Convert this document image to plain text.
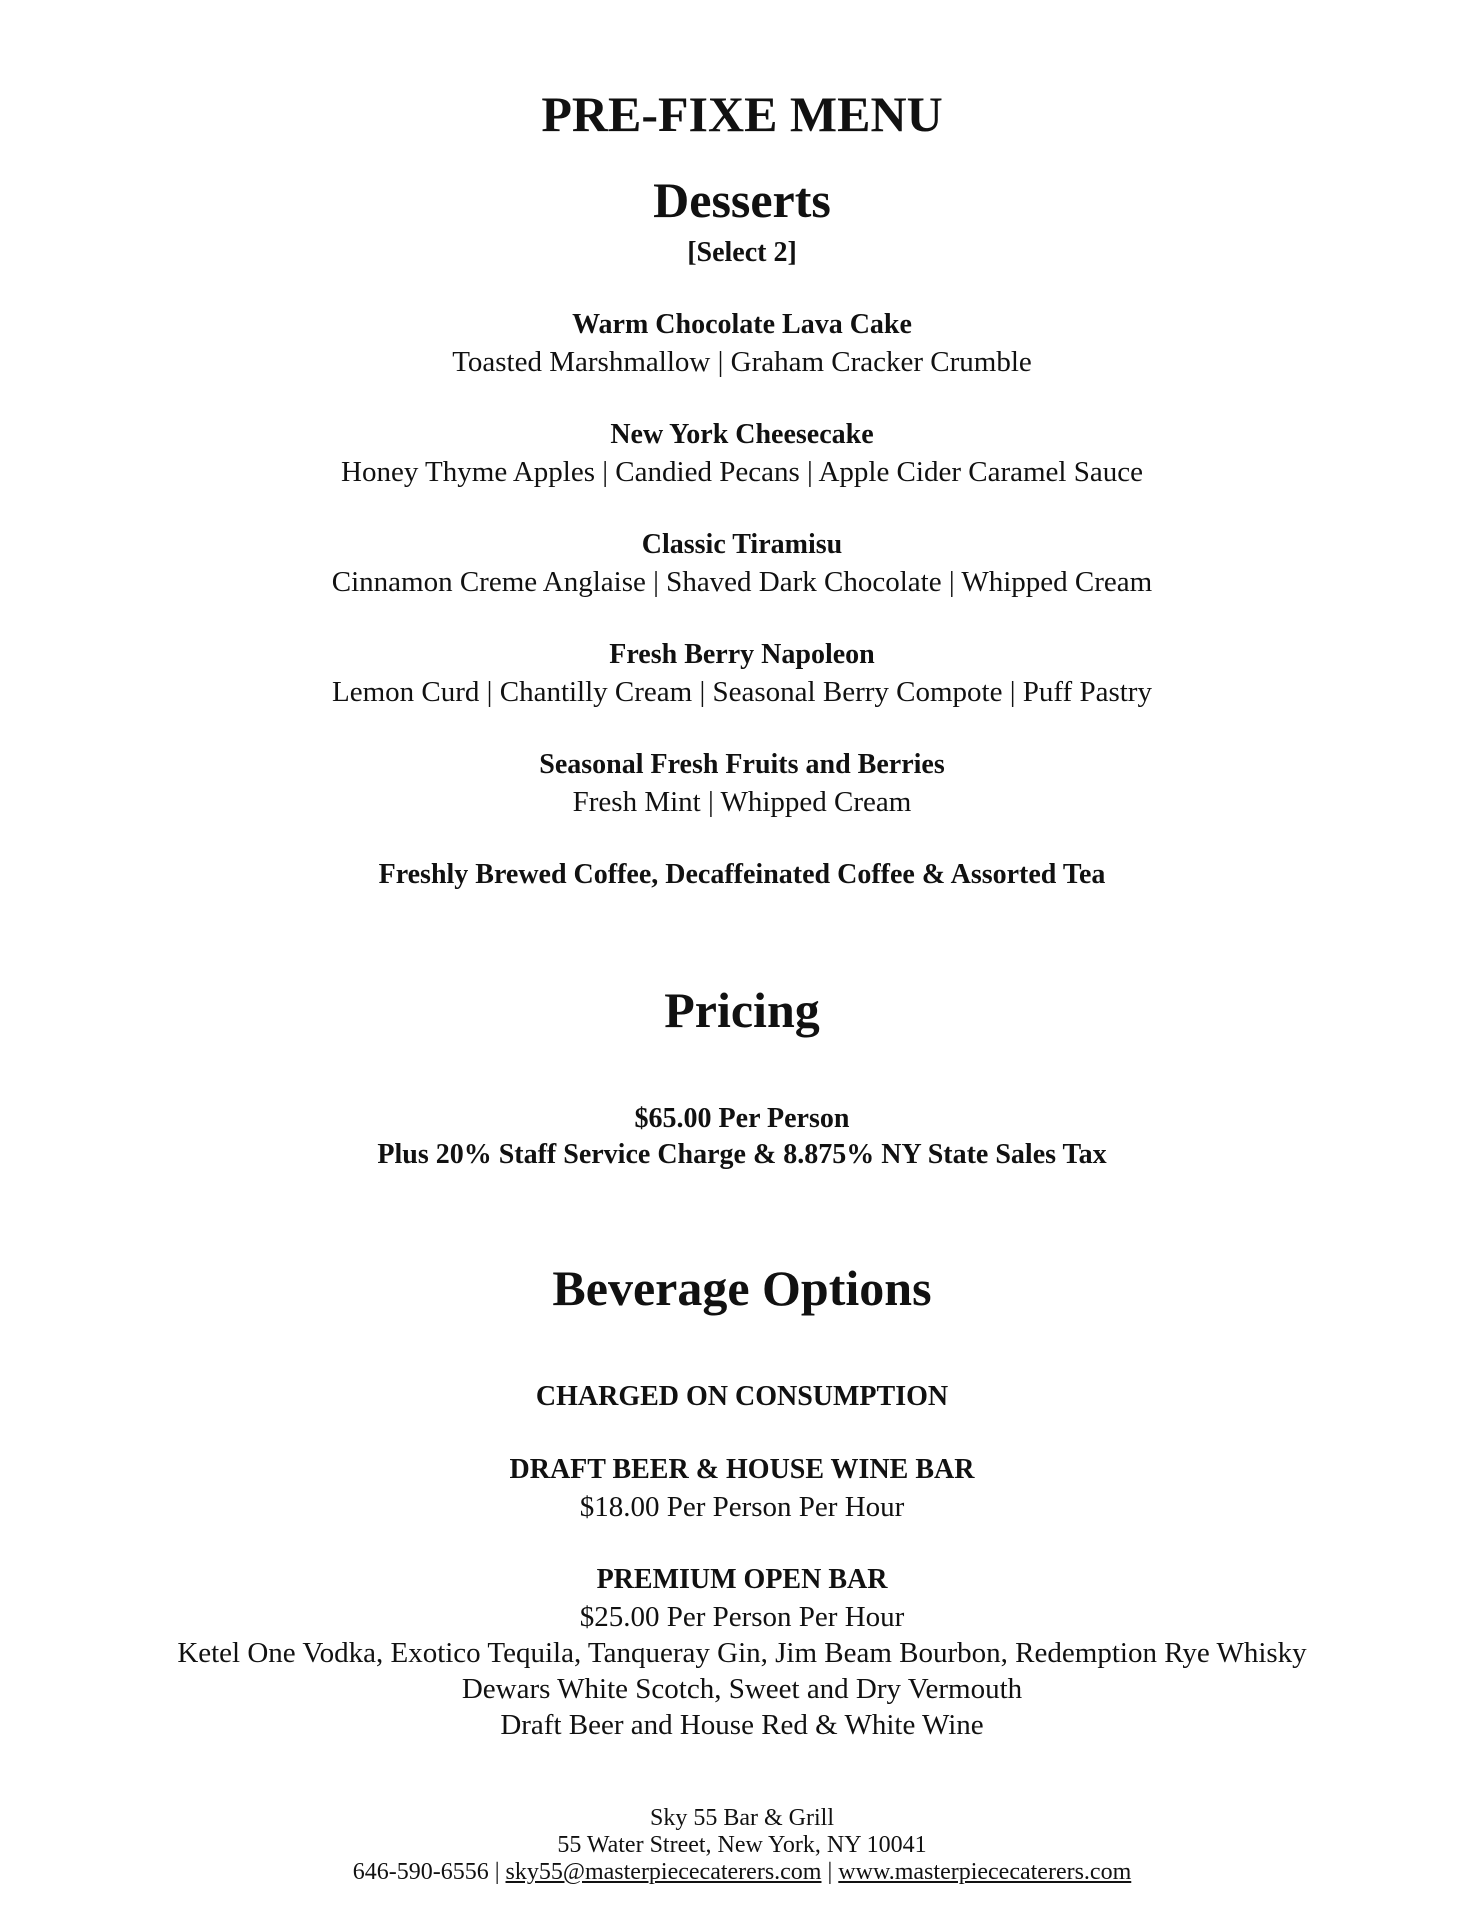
PRE-FIXE MENU
Desserts
[Select 2]
Warm Chocolate Lava Cake
Toasted Marshmallow | Graham Cracker Crumble
New York Cheesecake
Honey Thyme Apples | Candied Pecans | Apple Cider Caramel Sauce
Classic Tiramisu
Cinnamon Creme Anglaise | Shaved Dark Chocolate | Whipped Cream
Fresh Berry Napoleon
Lemon Curd | Chantilly Cream | Seasonal Berry Compote | Puff Pastry
Seasonal Fresh Fruits and Berries
Fresh Mint | Whipped Cream
Freshly Brewed Coffee, Decaffeinated Coffee & Assorted Tea
Pricing
$65.00 Per Person
Plus 20% Staff Service Charge & 8.875% NY State Sales Tax
Beverage Options
CHARGED ON CONSUMPTION
DRAFT BEER & HOUSE WINE BAR
$18.00 Per Person Per Hour
PREMIUM OPEN BAR
$25.00 Per Person Per Hour
Ketel One Vodka, Exotico Tequila, Tanqueray Gin, Jim Beam Bourbon, Redemption Rye Whisky
Dewars White Scotch, Sweet and Dry Vermouth
Draft Beer and House Red & White Wine
Sky 55 Bar & Grill
55 Water Street, New York, NY 10041
646-590-6556 | sky55@masterpiececaterers.com | www.masterpiececaterers.com
